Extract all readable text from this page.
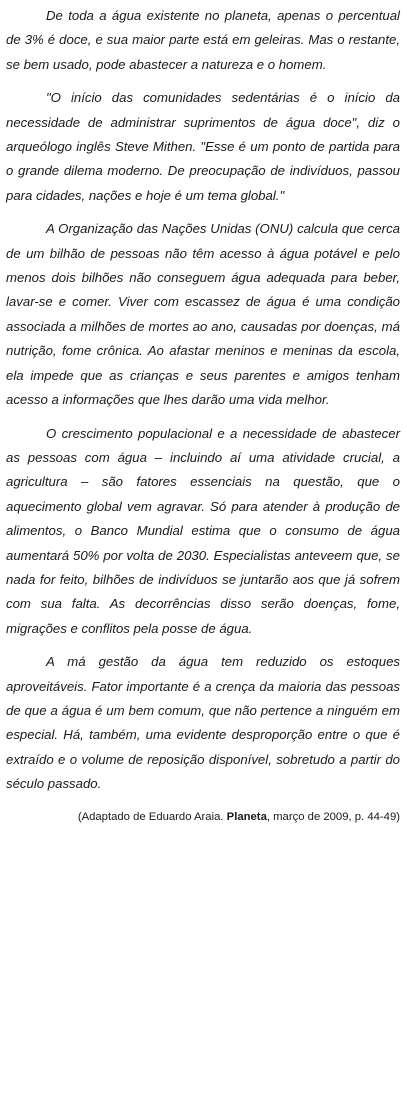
De toda a água existente no planeta, apenas o percentual de 3% é doce, e sua maior parte está em geleiras. Mas o restante, se bem usado, pode abastecer a natureza e o homem.

"O início das comunidades sedentárias é o início da necessidade de administrar suprimentos de água doce", diz o arqueólogo inglês Steve Mithen. "Esse é um ponto de partida para o grande dilema moderno. De preocupação de indivíduos, passou para cidades, nações e hoje é um tema global."

A Organização das Nações Unidas (ONU) calcula que cerca de um bilhão de pessoas não têm acesso à água potável e pelo menos dois bilhões não conseguem água adequada para beber, lavar-se e comer. Viver com escassez de água é uma condição associada a milhões de mortes ao ano, causadas por doenças, má nutrição, fome crônica. Ao afastar meninos e meninas da escola, ela impede que as crianças e seus parentes e amigos tenham acesso a informações que lhes darão uma vida melhor.

O crescimento populacional e a necessidade de abastecer as pessoas com água – incluindo aí uma atividade crucial, a agricultura – são fatores essenciais na questão, que o aquecimento global vem agravar. Só para atender à produção de alimentos, o Banco Mundial estima que o consumo de água aumentará 50% por volta de 2030. Especialistas anteveem que, se nada for feito, bilhões de indivíduos se juntarão aos que já sofrem com sua falta. As decorrências disso serão doenças, fome, migrações e conflitos pela posse de água.

A má gestão da água tem reduzido os estoques aproveitáveis. Fator importante é a crença da maioria das pessoas de que a água é um bem comum, que não pertence a ninguém em especial. Há, também, uma evidente desproporção entre o que é extraído e o volume de reposição disponível, sobretudo a partir do século passado.

(Adaptado de Eduardo Araia. Planeta, março de 2009, p. 44-49)
